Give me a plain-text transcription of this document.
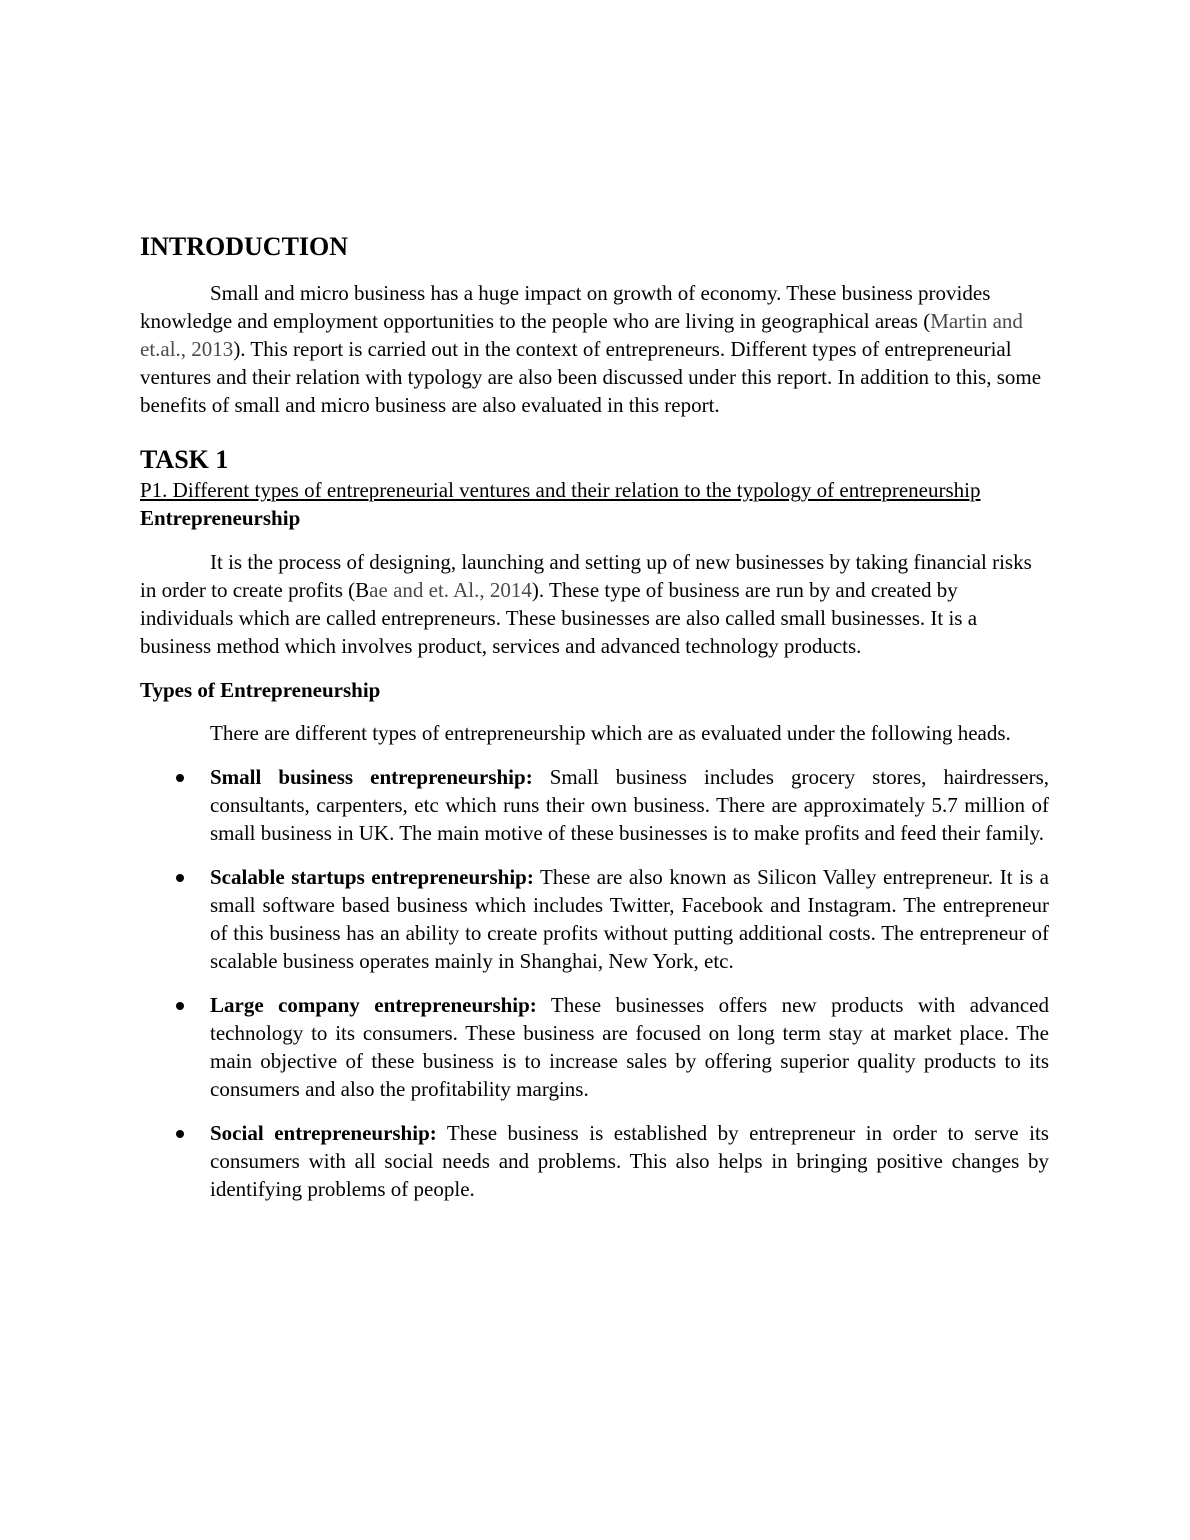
INTRODUCTION

Small and micro business has a huge impact on growth of economy. These business provides knowledge and employment opportunities to the people who are living in geographical areas (Martin and et.al., 2013). This report is carried out in the context of entrepreneurs. Different types of entrepreneurial ventures and their relation with typology are also been discussed under this report. In addition to this, some benefits of small and micro business are also evaluated in this report.

TASK 1

P1. Different types of entrepreneurial ventures and their relation to the typology of entrepreneurship

Entrepreneurship

It is the process of designing, launching and setting up of new businesses by taking financial risks in order to create profits (Bae and et. Al., 2014). These type of business are run by and created by individuals which are called entrepreneurs. These businesses are also called small businesses. It is a business method which involves product, services and advanced technology products.

Types of Entrepreneurship

There are different types of entrepreneurship which are as evaluated under the following heads.

Small business entrepreneurship: Small business includes grocery stores, hairdressers, consultants, carpenters, etc which runs their own business. There are approximately 5.7 million of small business in UK. The main motive of these businesses is to make profits and feed their family.
Scalable startups entrepreneurship: These are also known as Silicon Valley entrepreneur. It is a small software based business which includes Twitter, Facebook and Instagram. The entrepreneur of this business has an ability to create profits without putting additional costs. The entrepreneur of scalable business operates mainly in Shanghai, New York, etc.
Large company entrepreneurship: These businesses offers new products with advanced technology to its consumers. These business are focused on long term stay at market place. The main objective of these business is to increase sales by offering superior quality products to its consumers and also the profitability margins.
Social entrepreneurship: These business is established by entrepreneur in order to serve its consumers with all social needs and problems. This also helps in bringing positive changes by identifying problems of people.
